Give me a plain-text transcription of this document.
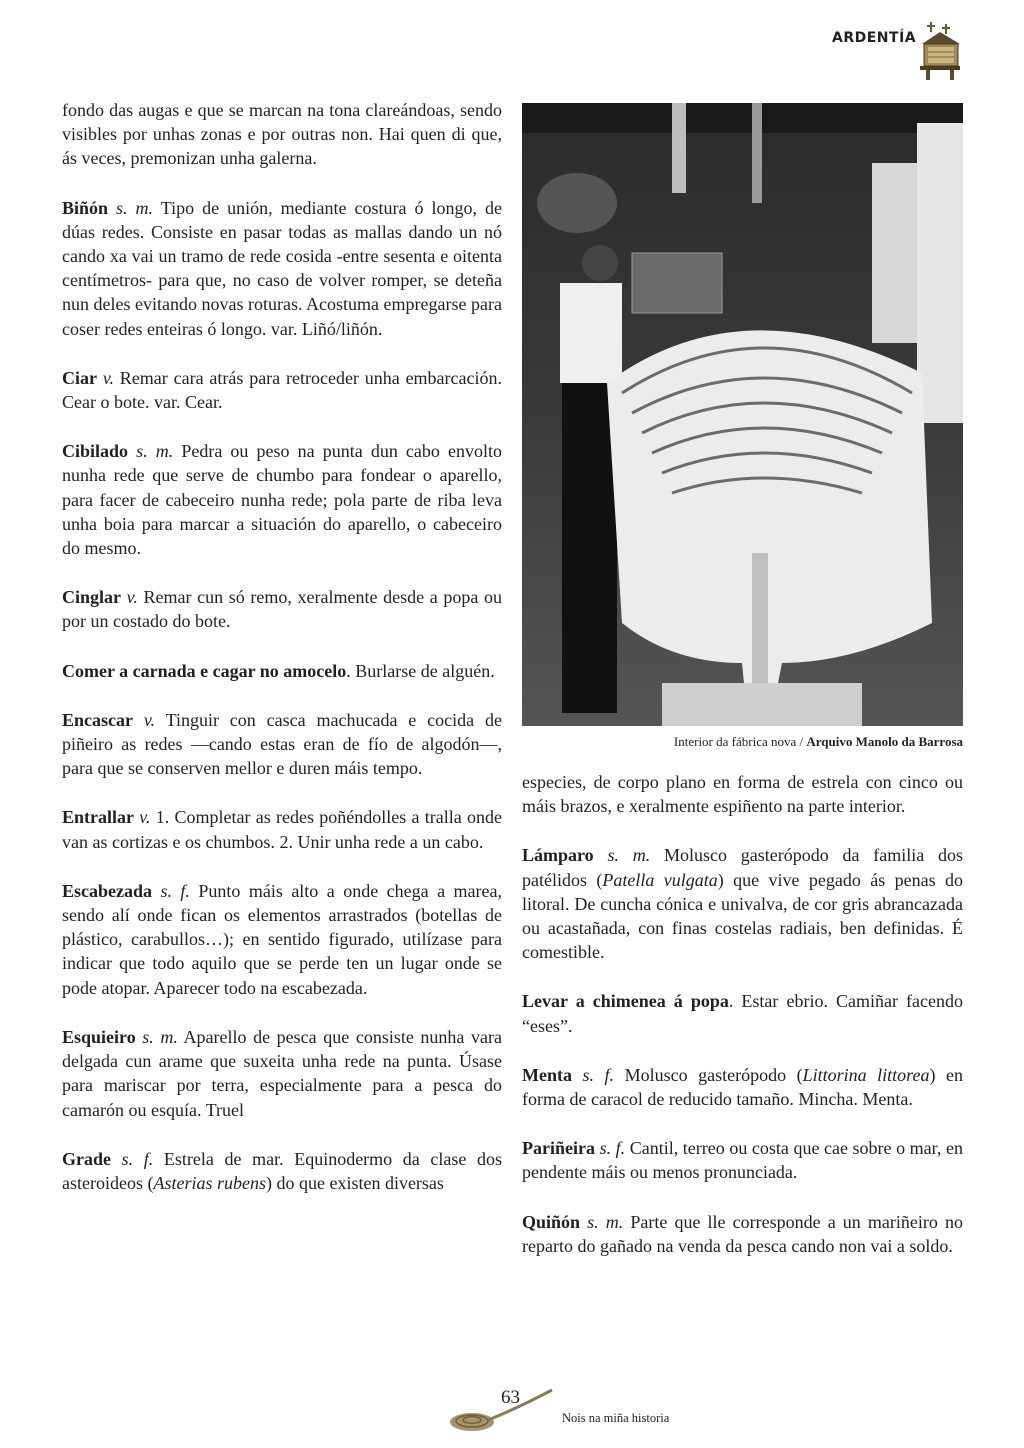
ARDENTÍA

fondo das augas e que se marcan na tona clareándoas, sendo visibles por unhas zonas e por outras non. Hai quen di que, ás veces, premonizan unha galerna.

Biñón s. m. Tipo de unión, mediante costura ó longo, de dúas redes. Consiste en pasar todas as mallas dando un nó cando xa vai un tramo de rede cosida -entre sesenta e oitenta centímetros- para que, no caso de volver romper, se deteña nun deles evitando novas roturas. Acostuma empregarse para coser redes enteiras ó longo. var. Liñó/liñón.

Ciar v. Remar cara atrás para retroceder unha embarcación. Cear o bote. var. Cear.

Cibilado s. m. Pedra ou peso na punta dun cabo envolto nunha rede que serve de chumbo para fondear o aparello, para facer de cabeceiro nunha rede; pola parte de riba leva unha boia para marcar a situación do aparello, o cabeceiro do mesmo.

Cinglar v. Remar cun só remo, xeralmente desde a popa ou por un costado do bote.

Comer a carnada e cagar no amocelo. Burlarse de alguén.

Encascar v. Tinguir con casca machucada e cocida de piñeiro as redes —cando estas eran de fío de algodón—, para que se conserven mellor e duren máis tempo.

Entrallar v. 1. Completar as redes poñéndolles a tralla onde van as cortizas e os chumbos. 2. Unir unha rede a un cabo.

Escabezada s. f. Punto máis alto a onde chega a marea, sendo alí onde fican os elementos arrastrados (botellas de plástico, carabullos…); en sentido figurado, utilízase para indicar que todo aquilo que se perde ten un lugar onde se pode atopar. Aparecer todo na escabezada.

Esquieiro s. m. Aparello de pesca que consiste nunha vara delgada cun arame que suxeita unha rede na punta. Úsase para mariscar por terra, especialmente para a pesca do camarón ou esquía. Truel

Grade s. f. Estrela de mar. Equinodermo da clase dos asteroideos (Asterias rubens) do que existen diversas

Interior da fábrica nova / Arquivo Manolo da Barrosa

especies, de corpo plano en forma de estrela con cinco ou máis brazos, e xeralmente espiñento na parte interior.

Lámparo s. m. Molusco gasterópodo da familia dos patélidos (Patella vulgata) que vive pegado ás penas do litoral. De cuncha cónica e univalva, de cor gris abrancazada ou acastañada, con finas costelas radiais, ben definidas. É comestible.

Levar a chimenea á popa. Estar ebrio. Camiñar facendo “eses”.

Menta s. f. Molusco gasterópodo (Littorina littorea) en forma de caracol de reducido tamaño. Mincha. Menta.

Pariñeira s. f. Cantil, terreo ou costa que cae sobre o mar, en pendente máis ou menos pronunciada.

Quiñón s. m. Parte que lle corresponde a un mariñeiro no reparto do gañado na venda da pesca cando non vai a soldo.

63
Nois na miña historia
